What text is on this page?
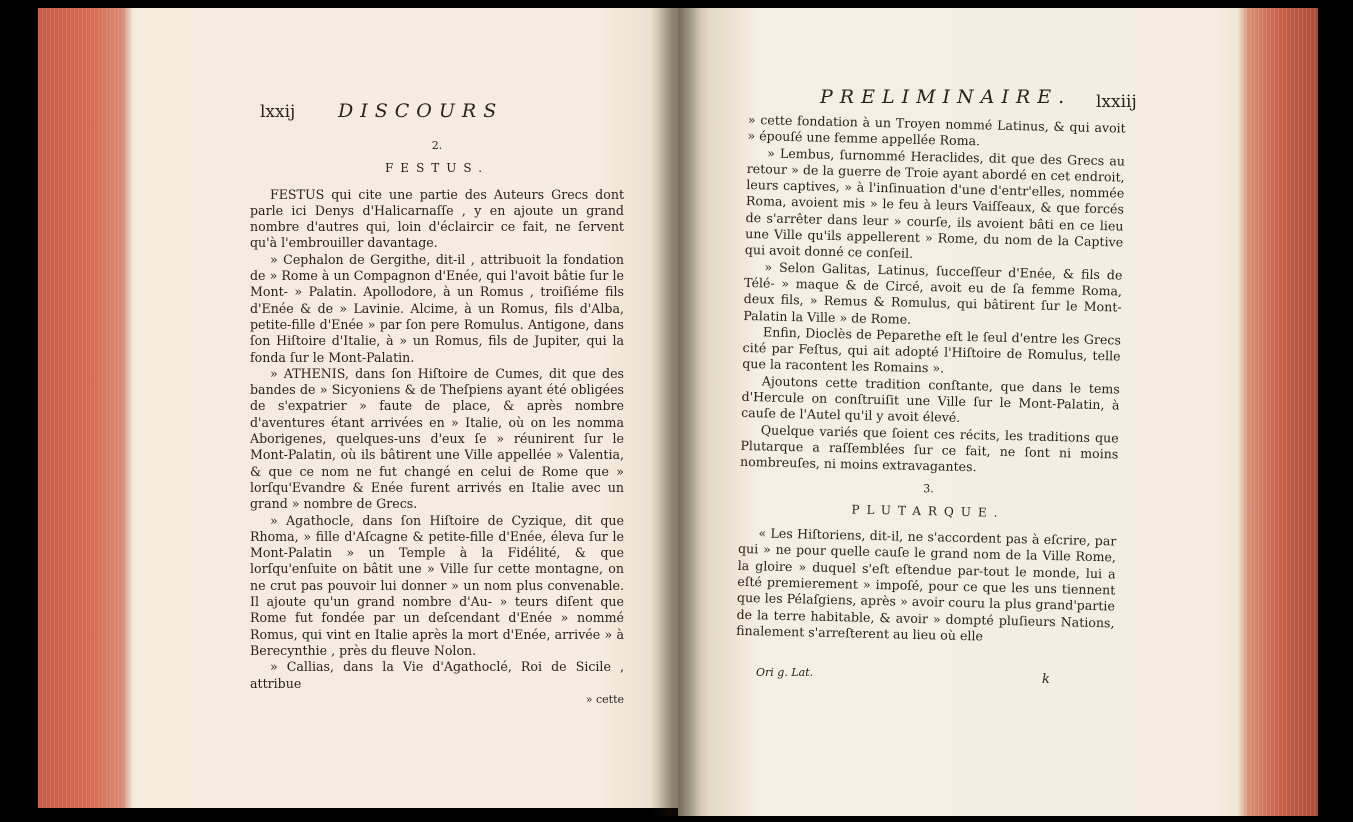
lxxij DISCOURS
2.
FESTUS.

FESTUS qui cite une partie des Auteurs Grecs dont parle ici Denys d'Halicarnaſſe , y en ajoute un grand nombre d'autres qui, loin d'éclaircir ce fait, ne ſervent qu'à l'embrouiller davantage.

» Cephalon de Gergithe, dit-il , attribuoit la fondation de » Rome à un Compagnon d'Enée, qui l'avoit bâtie ſur le Mont- » Palatin. Apollodore, à un Romus , troiſiéme fils d'Enée & de » Lavinie. Alcime, à un Romus, fils d'Alba, petite-fille d'Enée » par ſon pere Romulus. Antigone, dans ſon Hiſtoire d'Italie, à » un Romus, fils de Jupiter, qui la fonda ſur le Mont-Palatin.

» ATHENIS, dans ſon Hiſtoire de Cumes, dit que des bandes de » Sicyoniens & de Theſpiens ayant été obligées de s'expatrier » faute de place, & après nombre d'aventures étant arrivées en » Italie, où on les nomma Aborigenes, quelques-uns d'eux ſe » réunirent ſur le Mont-Palatin, où ils bâtirent une Ville appellée » Valentia, & que ce nom ne fut changé en celui de Rome que » lorſqu'Evandre & Enée furent arrivés en Italie avec un grand » nombre de Grecs.

» Agathocle, dans ſon Hiſtoire de Cyzique, dit que Rhoma, » fille d'Aſcagne & petite-fille d'Enée, éleva ſur le Mont-Palatin » un Temple à la Fidélité, & que lorſqu'enſuite on bâtit une » Ville ſur cette montagne, on ne crut pas pouvoir lui donner » un nom plus convenable. Il ajoute qu'un grand nombre d'Au- » teurs diſent que Rome fut fondée par un deſcendant d'Enée » nommé Romus, qui vint en Italie après la mort d'Enée, arrivée » à Berecynthie , près du fleuve Nolon.

» Callias, dans la Vie d'Agathoclé, Roi de Sicile , attribue

» cette
PRELIMINAIRE. lxxiij

» cette fondation à un Troyen nommé Latinus, & qui avoit » épouſé une femme appellée Roma.

» Lembus, ſurnommé Heraclides, dit que des Grecs au retour » de la guerre de Troie ayant abordé en cet endroit, leurs captives, » à l'inſinuation d'une d'entr'elles, nommée Roma, avoient mis » le feu à leurs Vaiſſeaux, & que forcés de s'arrêter dans leur » courſe, ils avoient bâti en ce lieu une Ville qu'ils appellerent » Rome, du nom de la Captive qui avoit donné ce conſeil.

» Selon Galitas, Latinus, ſucceſſeur d'Enée, & fils de Télé- » maque & de Circé, avoit eu de ſa femme Roma, deux fils, » Remus & Romulus, qui bâtirent ſur le Mont-Palatin la Ville » de Rome.

Enfin, Dioclès de Peparethe eſt le ſeul d'entre les Grecs cité par Feſtus, qui ait adopté l'Hiſtoire de Romulus, telle que la racontent les Romains ».

Ajoutons cette tradition conſtante, que dans le tems d'Hercule on conſtruiſit une Ville ſur le Mont-Palatin, à cauſe de l'Autel qu'il y avoit élevé.

Quelque variés que ſoient ces récits, les traditions que Plutarque a raſſemblées ſur ce fait, ne ſont ni moins nombreuſes, ni moins extravagantes.

3.
PLUTARQUE.

« Les Hiſtoriens, dit-il, ne s'accordent pas à eſcrire, par qui » ne pour quelle cauſe le grand nom de la Ville Rome, la gloire » duquel s'eſt eſtendue par-tout le monde, lui a eſté premierement » impoſé, pour ce que les uns tiennent que les Pélaſgiens, après » avoir couru la plus grand'partie de la terre habitable, & avoir » dompté pluſieurs Nations, finalement s'arreſterent au lieu où elle

Ori g. Lat.	k
